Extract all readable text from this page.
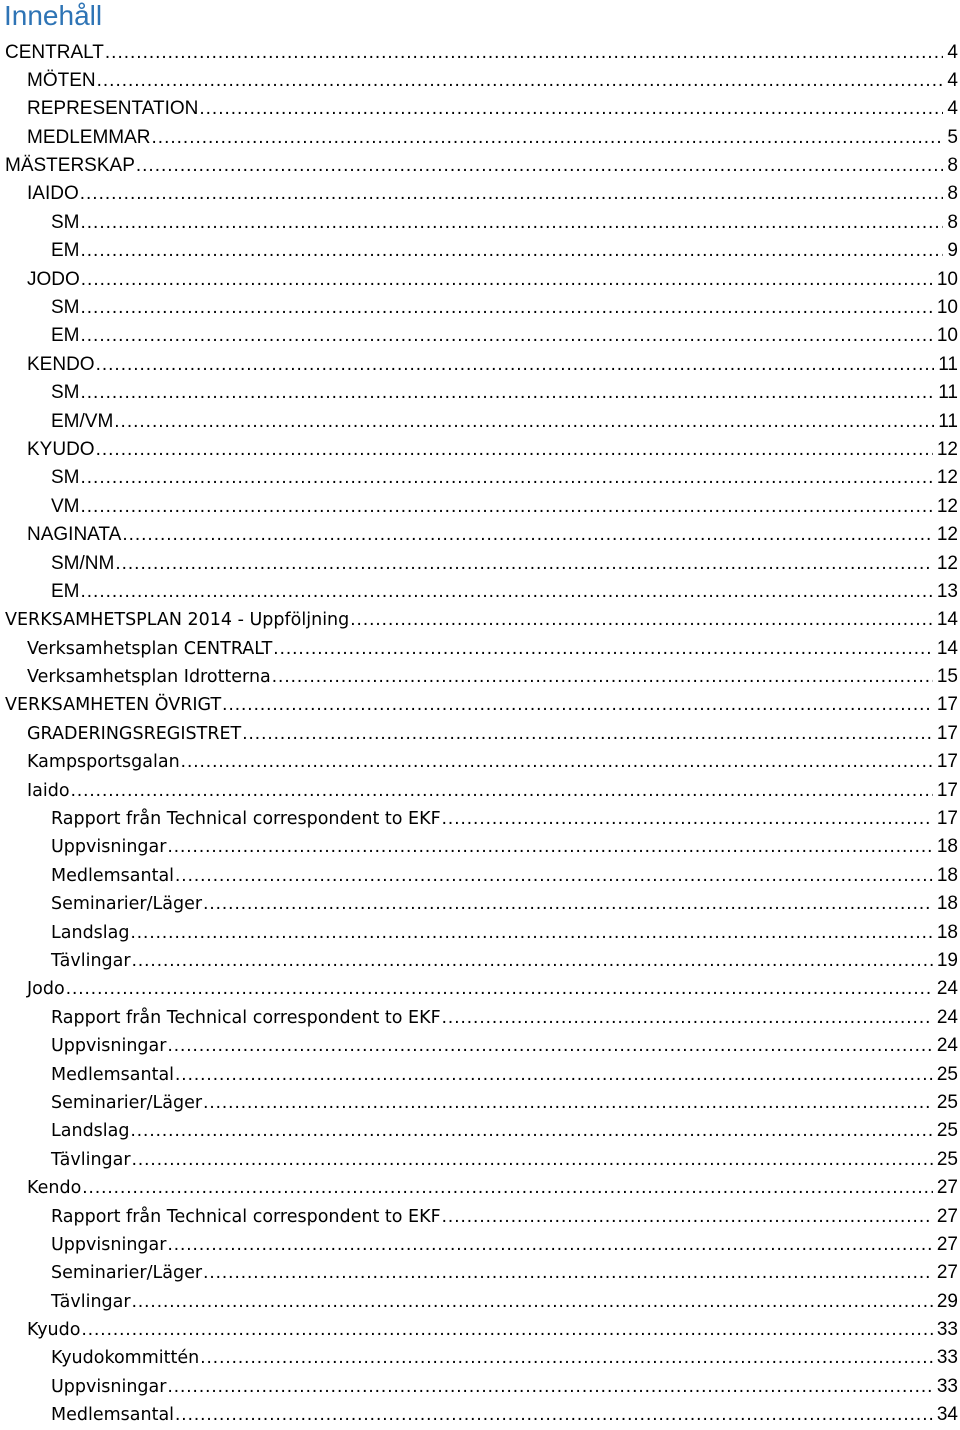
Innehåll
CENTRALT .....	4
MÖTEN .....	4
REPRESENTATION .....	4
MEDLEMMAR .....	5
MÄSTERSKAP .....	8
IAIDO .....	8
SM .....	8
EM .....	9
JODO .....	10
SM .....	10
EM .....	10
KENDO .....	11
SM .....	11
EM/VM .....	11
KYUDO .....	12
SM .....	12
VM .....	12
NAGINATA .....	12
SM/NM .....	12
EM .....	13
VERKSAMHETSPLAN 2014 - Uppföljning .....	14
Verksamhetsplan CENTRALT .....	14
Verksamhetsplan Idrotterna .....	15
VERKSAMHETEN ÖVRIGT .....	17
GRADERINGSREGISTRET .....	17
Kampsportsgalan .....	17
Iaido .....	17
Rapport från Technical correspondent to EKF .....	17
Uppvisningar .....	18
Medlemsantal .....	18
Seminarier/Läger .....	18
Landslag .....	18
Tävlingar .....	19
Jodo .....	24
Rapport från Technical correspondent to EKF .....	24
Uppvisningar .....	24
Medlemsantal .....	25
Seminarier/Läger .....	25
Landslag .....	25
Tävlingar .....	25
Kendo .....	27
Rapport från Technical correspondent to EKF .....	27
Uppvisningar .....	27
Seminarier/Läger .....	27
Tävlingar .....	29
Kyudo .....	33
Kyudokommittén .....	33
Uppvisningar .....	33
Medlemsantal .....	34
